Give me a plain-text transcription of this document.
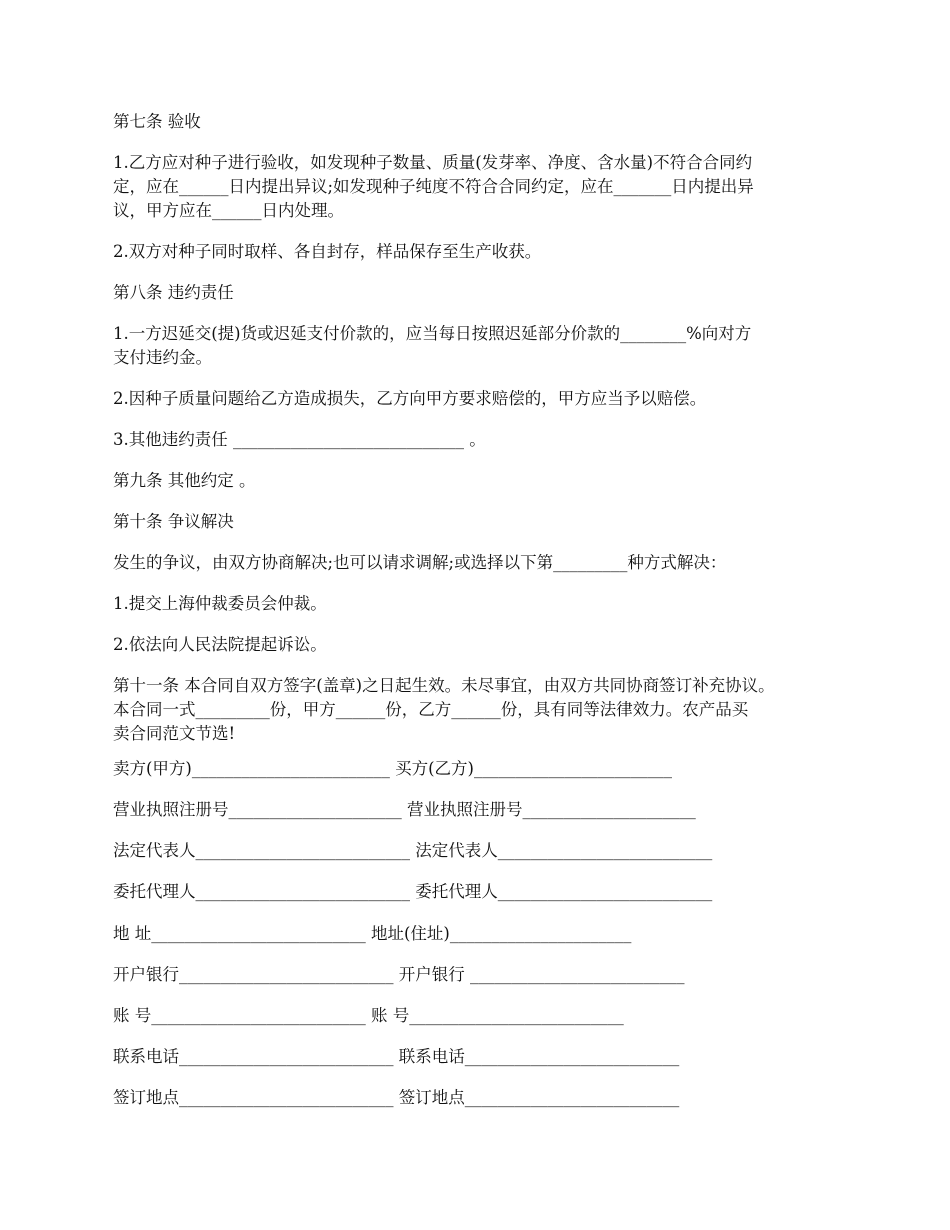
第七条 验收

1.乙方应对种子进行验收，如发现种子数量、质量(发芽率、净度、含水量)不符合合同约
定，应在______日内提出异议;如发现种子纯度不符合合同约定，应在_______日内提出异
议，甲方应在______日内处理。

2.双方对种子同时取样、各自封存，样品保存至生产收获。

第八条 违约责任

1.一方迟延交(提)货或迟延支付价款的，应当每日按照迟延部分价款的________%向对方
支付违约金。

2.因种子质量问题给乙方造成损失，乙方向甲方要求赔偿的，甲方应当予以赔偿。

3.其他违约责任 ____________________________ 。

第九条 其他约定 。

第十条 争议解决

发生的争议，由双方协商解决;也可以请求调解;或选择以下第_________种方式解决：

1.提交上海仲裁委员会仲裁。

2.依法向人民法院提起诉讼。

第十一条 本合同自双方签字(盖章)之日起生效。未尽事宜，由双方共同协商签订补充协议。
本合同一式_________份，甲方______份，乙方______份，具有同等法律效力。农产品买
卖合同范文节选!

卖方(甲方)________________________ 买方(乙方)________________________

营业执照注册号_____________________ 营业执照注册号_____________________

法定代表人__________________________ 法定代表人__________________________

委托代理人__________________________ 委托代理人__________________________

地 址__________________________ 地址(住址)______________________

开户银行__________________________ 开户银行 __________________________

账 号__________________________ 账 号__________________________

联系电话__________________________ 联系电话__________________________

签订地点__________________________ 签订地点__________________________
